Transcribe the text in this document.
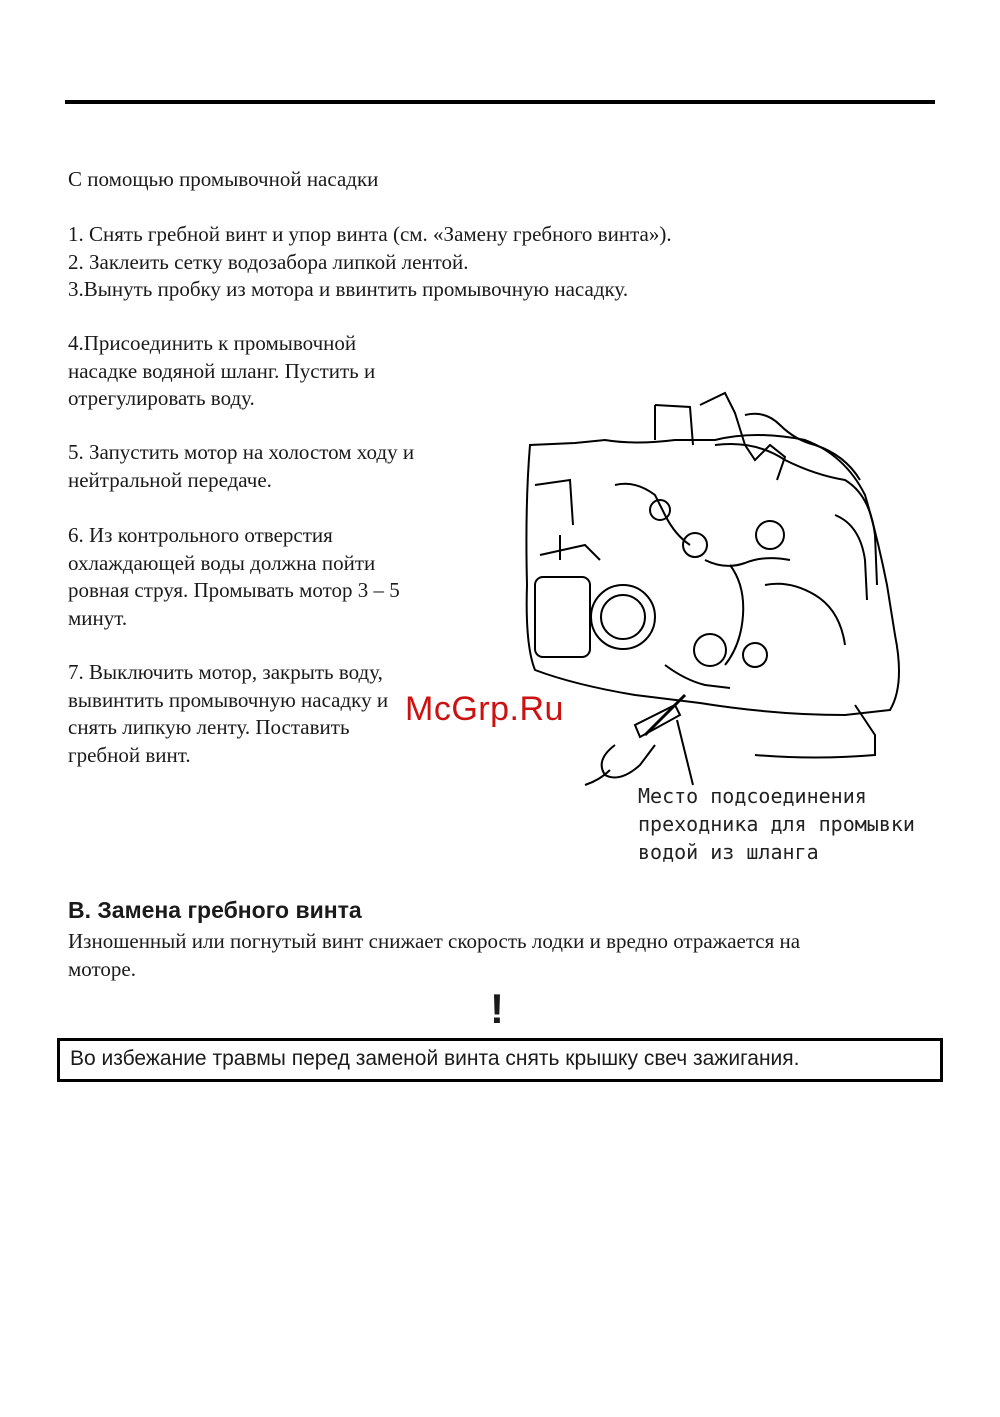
С помощью промывочной насадки
1. Снять гребной винт и упор винта (см. «Замену гребного винта»).
2. Заклеить сетку водозабора липкой лентой.
3.Вынуть пробку из мотора и ввинтить промывочную насадку.
4.Присоединить к промывочной
насадке водяной шланг. Пустить и
отрегулировать воду.
5. Запустить мотор на холостом ходу и
нейтральной передаче.
6. Из контрольного отверстия
охлаждающей воды должна пойти
ровная струя. Промывать мотор 3 – 5
минут.
7. Выключить мотор, закрыть воду,
вывинтить промывочную насадку и
снять липкую ленту. Поставить
гребной винт.
Место подсоединения
преходника для промывки
водой из шланга
McGrp.Ru
B. Замена гребного винта
Изношенный или погнутый винт снижает скорость лодки и вредно отражается на
моторе.
!
Во избежание травмы перед заменой винта снять крышку свеч зажигания.
